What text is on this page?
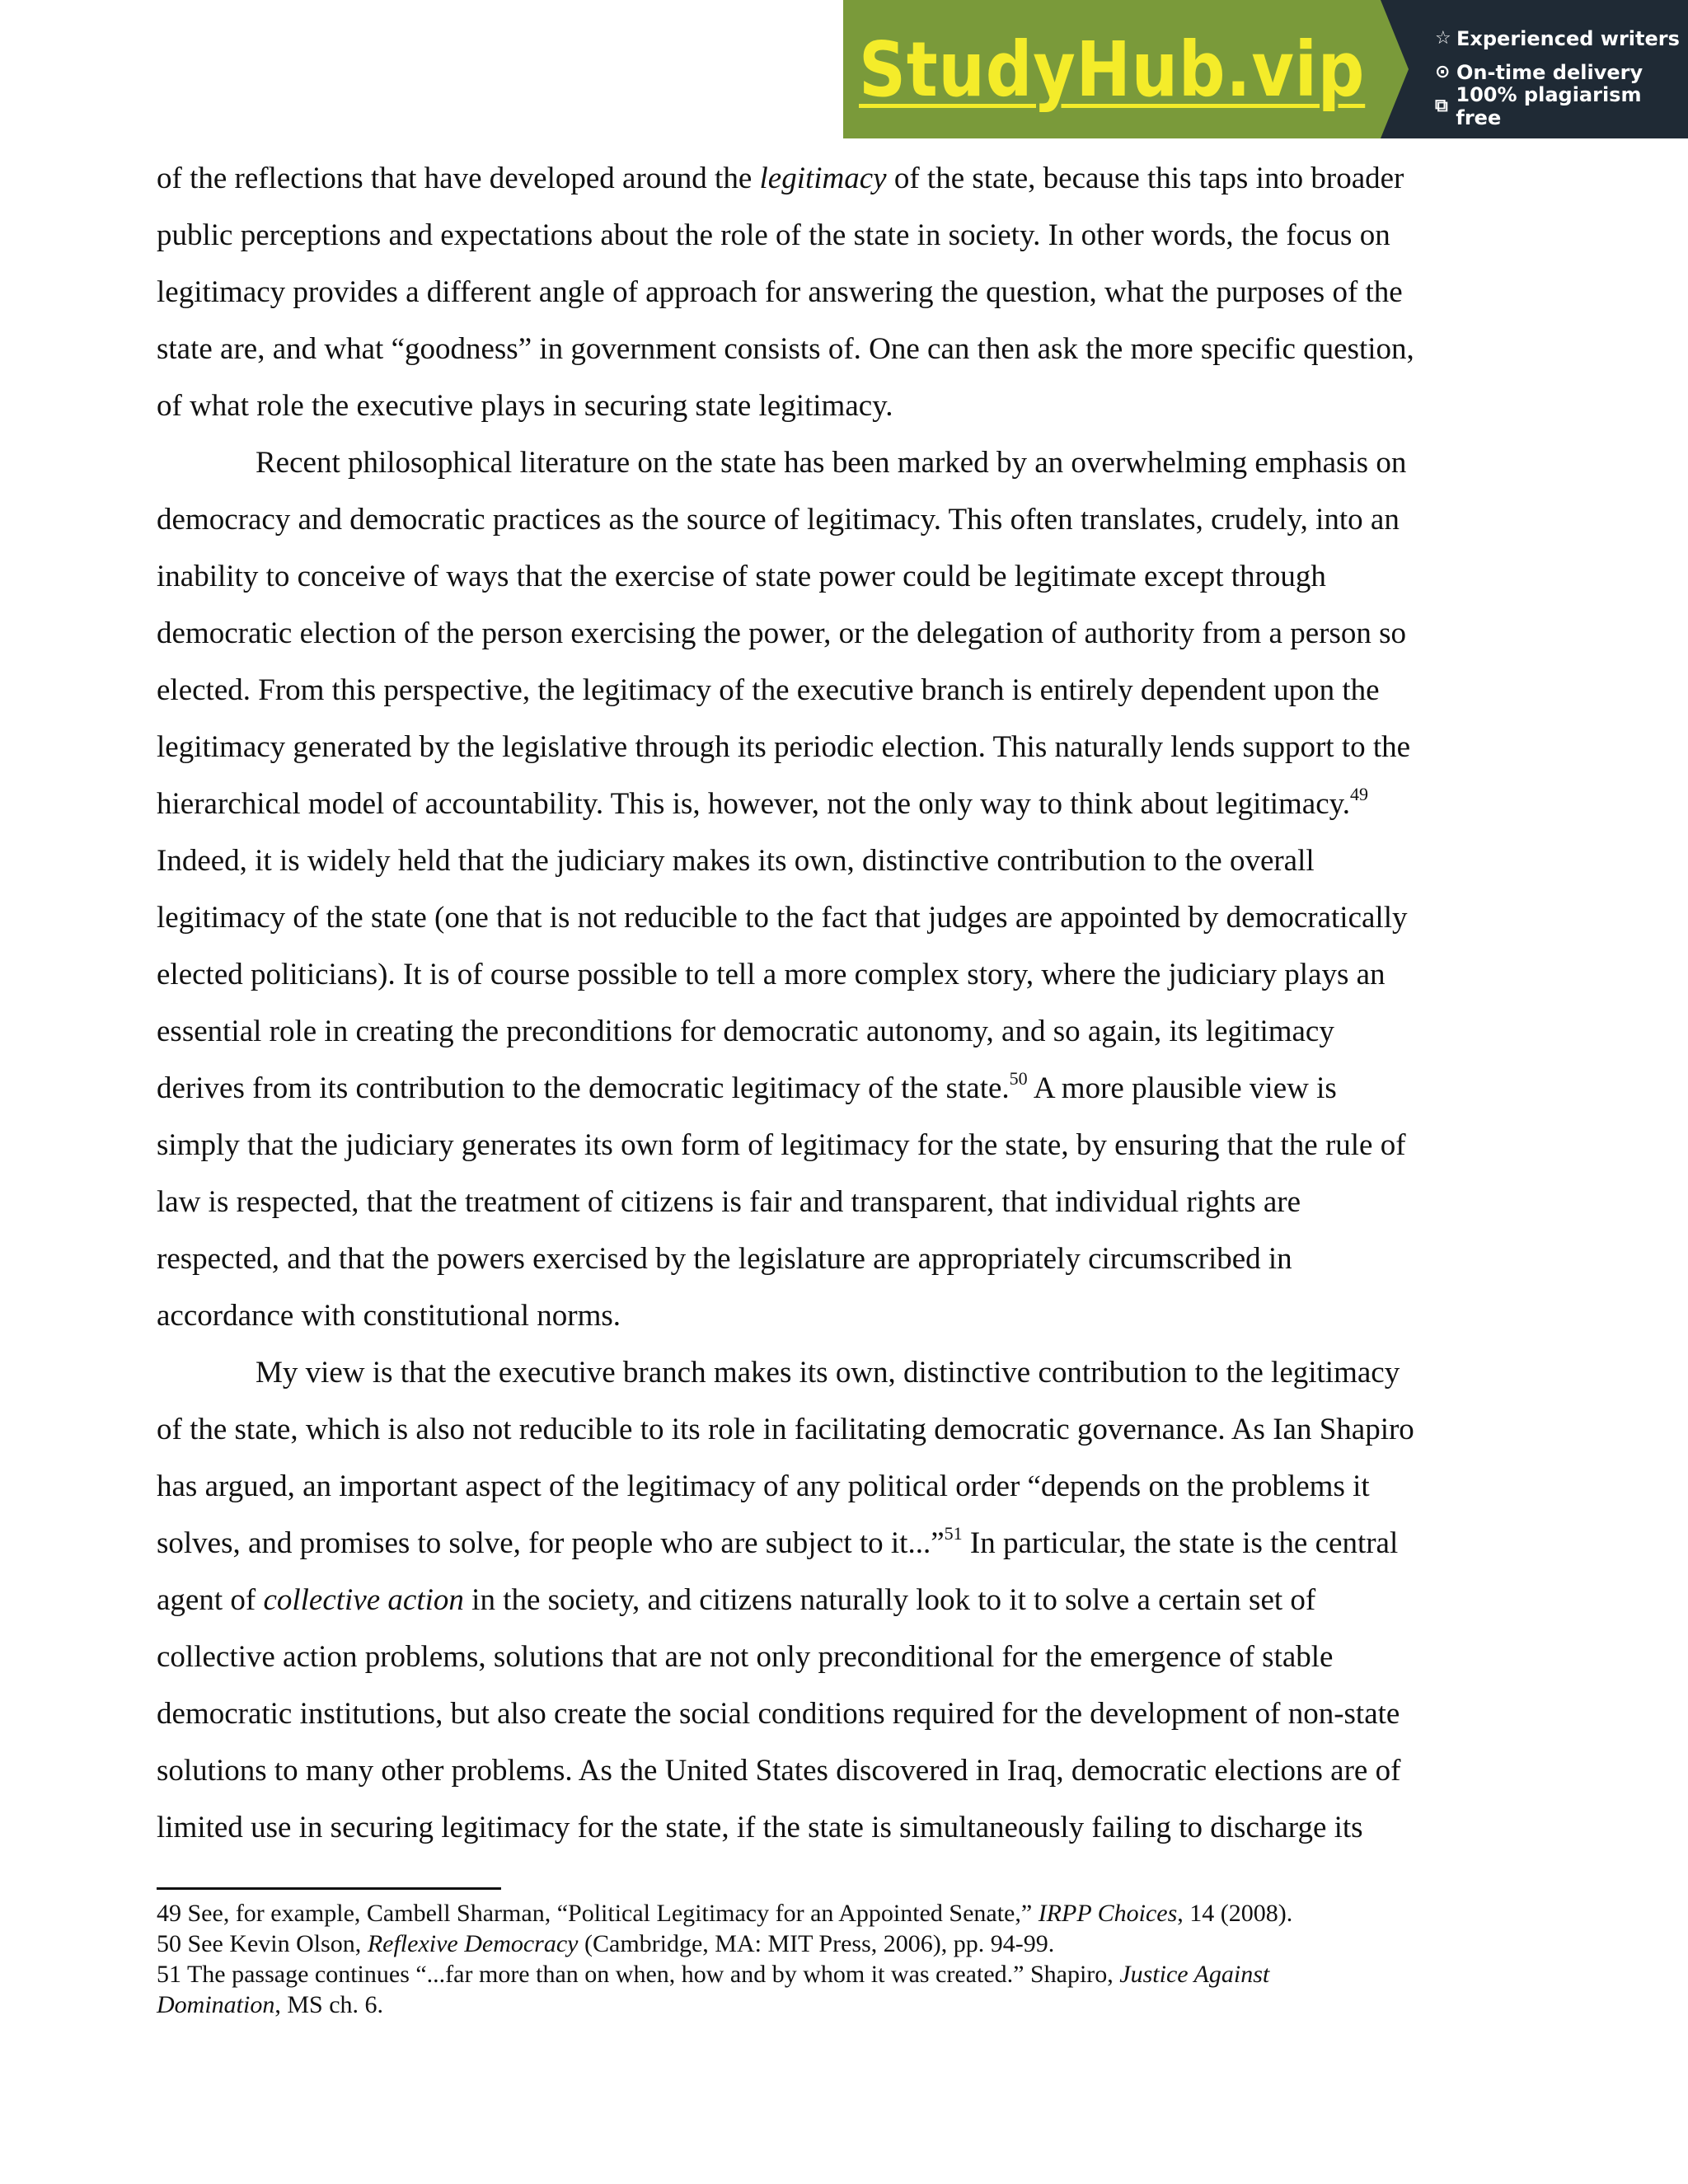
StudyHub.vip	☆ Experienced writers
⊙ On-time delivery
⧉ 100% plagiarism free

of the reflections that have developed around the legitimacy of the state, because this taps into broader
public perceptions and expectations about the role of the state in society. In other words, the focus on
legitimacy provides a different angle of approach for answering the question, what the purposes of the
state are, and what “goodness” in government consists of. One can then ask the more specific question,
of what role the executive plays in securing state legitimacy.

Recent philosophical literature on the state has been marked by an overwhelming emphasis on
democracy and democratic practices as the source of legitimacy. This often translates, crudely, into an
inability to conceive of ways that the exercise of state power could be legitimate except through
democratic election of the person exercising the power, or the delegation of authority from a person so
elected. From this perspective, the legitimacy of the executive branch is entirely dependent upon the
legitimacy generated by the legislative through its periodic election. This naturally lends support to the
hierarchical model of accountability. This is, however, not the only way to think about legitimacy.$^{49}$
Indeed, it is widely held that the judiciary makes its own, distinctive contribution to the overall
legitimacy of the state (one that is not reducible to the fact that judges are appointed by democratically
elected politicians). It is of course possible to tell a more complex story, where the judiciary plays an
essential role in creating the preconditions for democratic autonomy, and so again, its legitimacy
derives from its contribution to the democratic legitimacy of the state.$^{50}$ A more plausible view is
simply that the judiciary generates its own form of legitimacy for the state, by ensuring that the rule of
law is respected, that the treatment of citizens is fair and transparent, that individual rights are
respected, and that the powers exercised by the legislature are appropriately circumscribed in
accordance with constitutional norms.

My view is that the executive branch makes its own, distinctive contribution to the legitimacy
of the state, which is also not reducible to its role in facilitating democratic governance. As Ian Shapiro
has argued, an important aspect of the legitimacy of any political order “depends on the problems it
solves, and promises to solve, for people who are subject to it...”$^{51}$ In particular, the state is the central
agent of collective action in the society, and citizens naturally look to it to solve a certain set of
collective action problems, solutions that are not only preconditional for the emergence of stable
democratic institutions, but also create the social conditions required for the development of non-state
solutions to many other problems. As the United States discovered in Iraq, democratic elections are of
limited use in securing legitimacy for the state, if the state is simultaneously failing to discharge its

49 See, for example, Cambell Sharman, “Political Legitimacy for an Appointed Senate,” IRPP Choices, 14 (2008).

50 See Kevin Olson, Reflexive Democracy (Cambridge, MA: MIT Press, 2006), pp. 94-99.

51 The passage continues “...far more than on when, how and by whom it was created.” Shapiro, Justice Against
Domination, MS ch. 6.
